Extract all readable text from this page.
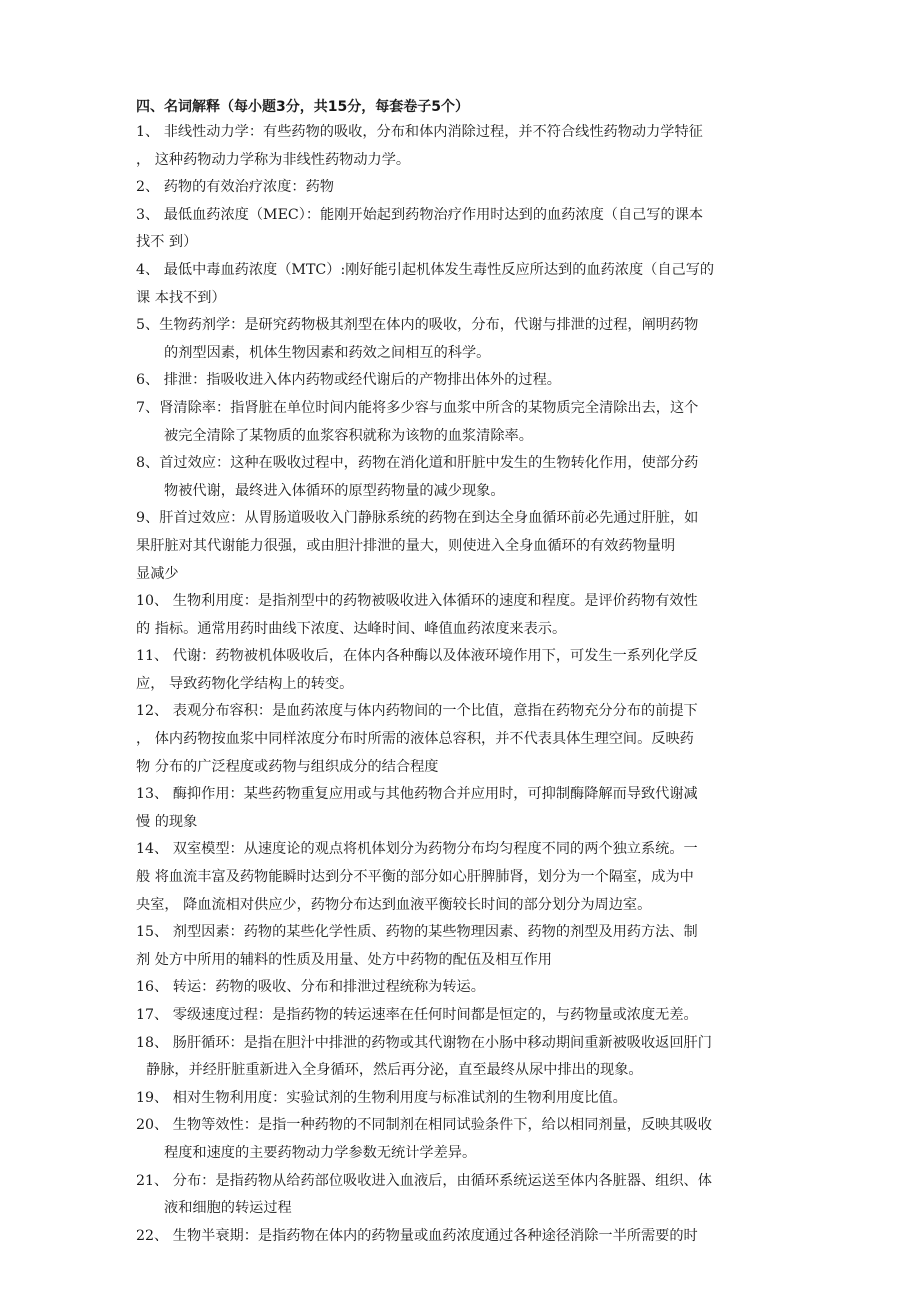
四、名词解释（每小题3分，共15分，每套卷子5个）
1、 非线性动力学：有些药物的吸收，分布和体内消除过程，并不符合线性药物动力学特征
， 这种药物动力学称为非线性药物动力学。
2、 药物的有效治疗浓度：药物
3、 最低血药浓度（MEC）：能刚开始起到药物治疗作用时达到的血药浓度（自己写的课本
找不 到）
4、 最低中毒血药浓度（MTC）:刚好能引起机体发生毒性反应所达到的血药浓度（自己写的
课 本找不到）
5、生物药剂学：是研究药物极其剂型在体内的吸收，分布，代谢与排泄的过程，阐明药物
的剂型因素，机体生物因素和药效之间相互的科学。
6、 排泄：指吸收进入体内药物或经代谢后的产物排出体外的过程。
7、肾清除率：指肾脏在单位时间内能将多少容与血浆中所含的某物质完全清除出去，这个
被完全清除了某物质的血浆容积就称为该物的血浆清除率。
8、首过效应：这种在吸收过程中，药物在消化道和肝脏中发生的生物转化作用，使部分药
物被代谢，最终进入体循环的原型药物量的减少现象。
9、肝首过效应：从胃肠道吸收入门静脉系统的药物在到达全身血循环前必先通过肝脏，如
果肝脏对其代谢能力很强，或由胆汁排泄的量大，则使进入全身血循环的有效药物量明
显减少
10、 生物利用度：是指剂型中的药物被吸收进入体循环的速度和程度。是评价药物有效性
的 指标。通常用药时曲线下浓度、达峰时间、峰值血药浓度来表示。
11、 代谢：药物被机体吸收后，在体内各种酶以及体液环境作用下，可发生一系列化学反
应， 导致药物化学结构上的转变。
12、 表观分布容积：是血药浓度与体内药物间的一个比值，意指在药物充分分布的前提下
， 体内药物按血浆中同样浓度分布时所需的液体总容积，并不代表具体生理空间。反映药
物 分布的广泛程度或药物与组织成分的结合程度
13、 酶抑作用：某些药物重复应用或与其他药物合并应用时，可抑制酶降解而导致代谢减
慢 的现象
14、 双室模型：从速度论的观点将机体划分为药物分布均匀程度不同的两个独立系统。一
般 将血流丰富及药物能瞬时达到分不平衡的部分如心肝脾肺肾，划分为一个隔室，成为中
央室， 降血流相对供应少，药物分布达到血液平衡较长时间的部分划分为周边室。
15、 剂型因素：药物的某些化学性质、药物的某些物理因素、药物的剂型及用药方法、制
剂 处方中所用的辅料的性质及用量、处方中药物的配伍及相互作用
16、 转运：药物的吸收、分布和排泄过程统称为转运。
17、 零级速度过程：是指药物的转运速率在任何时间都是恒定的，与药物量或浓度无差。
18、 肠肝循环：是指在胆汁中排泄的药物或其代谢物在小肠中移动期间重新被吸收返回肝门
静脉，并经肝脏重新进入全身循环，然后再分泌，直至最终从尿中排出的现象。
19、 相对生物利用度：实验试剂的生物利用度与标准试剂的生物利用度比值。
20、 生物等效性：是指一种药物的不同制剂在相同试验条件下，给以相同剂量，反映其吸收
程度和速度的主要药物动力学参数无统计学差异。
21、 分布：是指药物从给药部位吸收进入血液后，由循环系统运送至体内各脏器、组织、体
液和细胞的转运过程
22、 生物半衰期：是指药物在体内的药物量或血药浓度通过各种途径消除一半所需要的时
